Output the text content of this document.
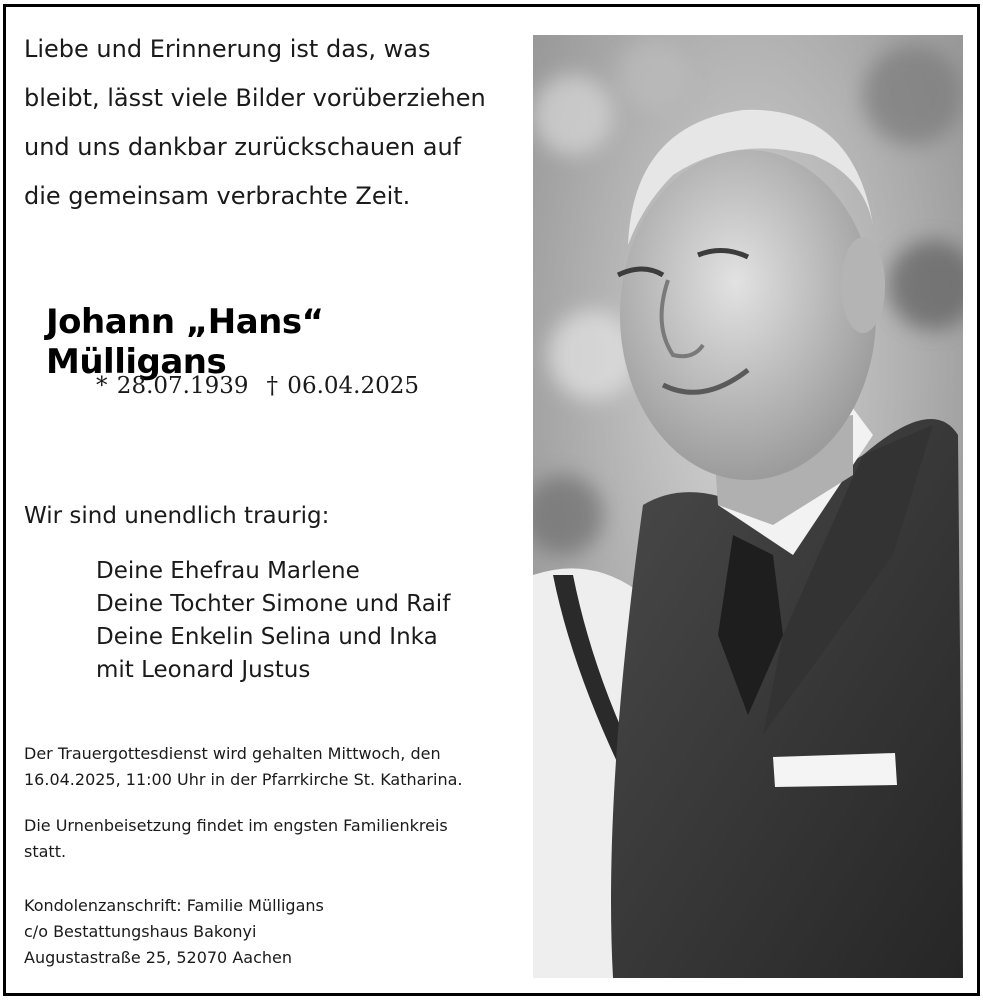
Liebe und Erinnerung ist das, was
bleibt, lässt viele Bilder vorüberziehen
und uns dankbar zurückschauen auf
die gemeinsam verbrachte Zeit.
Johann „Hans“ Mülligans
* 28.07.1939 † 06.04.2025
Wir sind unendlich traurig:
Deine Ehefrau Marlene
Deine Tochter Simone und Raif
Deine Enkelin Selina und Inka
mit Leonard Justus
Der Trauergottesdienst wird gehalten Mittwoch, den
16.04.2025, 11:00 Uhr in der Pfarrkirche St. Katharina.
Die Urnenbeisetzung findet im engsten Familienkreis
statt.
Kondolenzanschrift: Familie Mülligans
c/o Bestattungshaus Bakonyi
Augustastraße 25, 52070 Aachen
